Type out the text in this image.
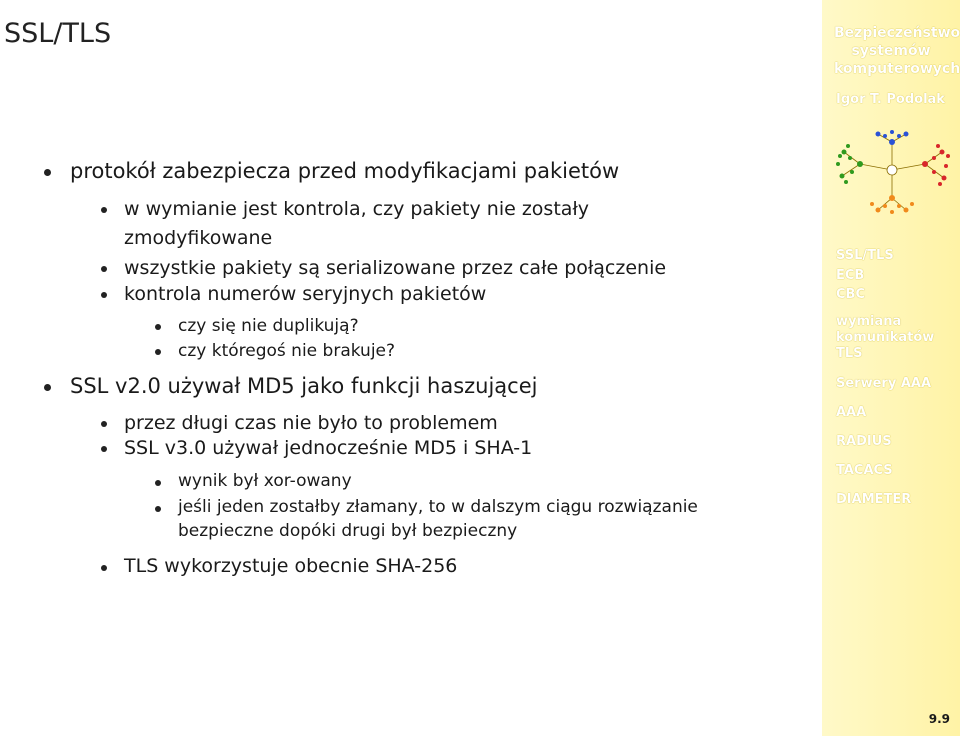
SSL/TLS
protokół zabezpiecza przed modyfikacjami pakietów
w wymianie jest kontrola, czy pakiety nie zostały
zmodyfikowane
wszystkie pakiety są serializowane przez całe połączenie
kontrola numerów seryjnych pakietów
czy się nie duplikują?
czy któregoś nie brakuje?
SSL v2.0 używał MD5 jako funkcji haszującej
przez długi czas nie było to problemem
SSL v3.0 używał jednocześnie MD5 i SHA-1
wynik był xor-owany
jeśli jeden zostałby złamany, to w dalszym ciągu rozwiązanie
bezpieczne dopóki drugi był bezpieczny
TLS wykorzystuje obecnie SHA-256
Bezpieczeństwo
systemów
komputerowych
Igor T. Podolak
SSL/TLS
ECB
CBC
wymiana
komunikatów
TLS
Serwery AAA
AAA
RADIUS
TACACS
DIAMETER
9.9
